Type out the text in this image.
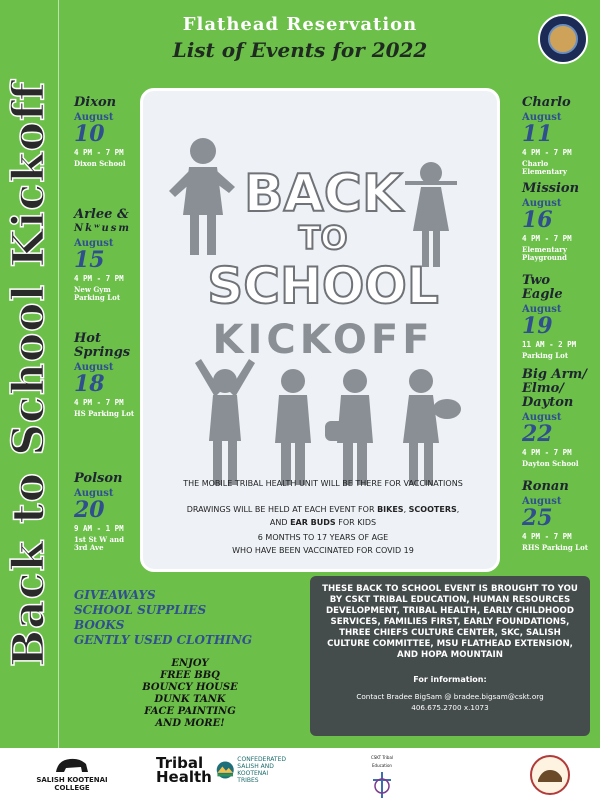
Back to School Kickoff
Flathead Reservation
List of Events for 2022
Dixon
August
10
4 PM - 7 PM
Dixon School
Arlee &
Nkʷusm
August
15
4 PM - 7 PM
New Gym Parking Lot
Hot
Springs
August
18
4 PM - 7 PM
HS Parking Lot
Polson
August
20
9 AM - 1 PM
1st St W and 3rd Ave
Charlo
August
11
4 PM - 7 PM
Charlo Elementary
Mission
August
16
4 PM - 7 PM
Elementary Playground
Two
Eagle
August
19
11 AM - 2 PM
Parking Lot
Big Arm/
Elmo/
Dayton
August
22
4 PM - 7 PM
Dayton School
Ronan
August
25
4 PM - 7 PM
RHS Parking Lot
BACK
TO
SCHOOL
KICKOFF
THE MOBILE TRIBAL HEALTH UNIT WILL BE THERE FOR VACCINATIONS
DRAWINGS WILL BE HELD AT EACH EVENT FOR BIKES, SCOOTERS,
AND EAR BUDS FOR KIDS
6 MONTHS TO 17 YEARS OF AGE
WHO HAVE BEEN VACCINATED FOR COVID 19
GIVEAWAYS
SCHOOL SUPPLIES
BOOKS
GENTLY USED CLOTHING
ENJOY
FREE BBQ
BOUNCY HOUSE
DUNK TANK
FACE PAINTING
AND MORE!
THESE BACK TO SCHOOL EVENT IS BROUGHT TO YOU BY CSKT TRIBAL EDUCATION, HUMAN RESOURCES DEVELOPMENT, TRIBAL HEALTH, EARLY CHILDHOOD SERVICES, FAMILIES FIRST, EARLY FOUNDATIONS, THREE CHIEFS CULTURE CENTER, SKC, SALISH CULTURE COMMITTEE, MSU FLATHEAD EXTENSION, AND HOPA MOUNTAIN
For information:
Contact Bradee BigSam @ bradee.bigsam@cskt.org
406.675.2700 x.1073
SALISH KOOTENAI
COLLEGE
Tribal
Health
CONFEDERATED
SALISH AND
KOOTENAI
TRIBES
CSKT Tribal Education
